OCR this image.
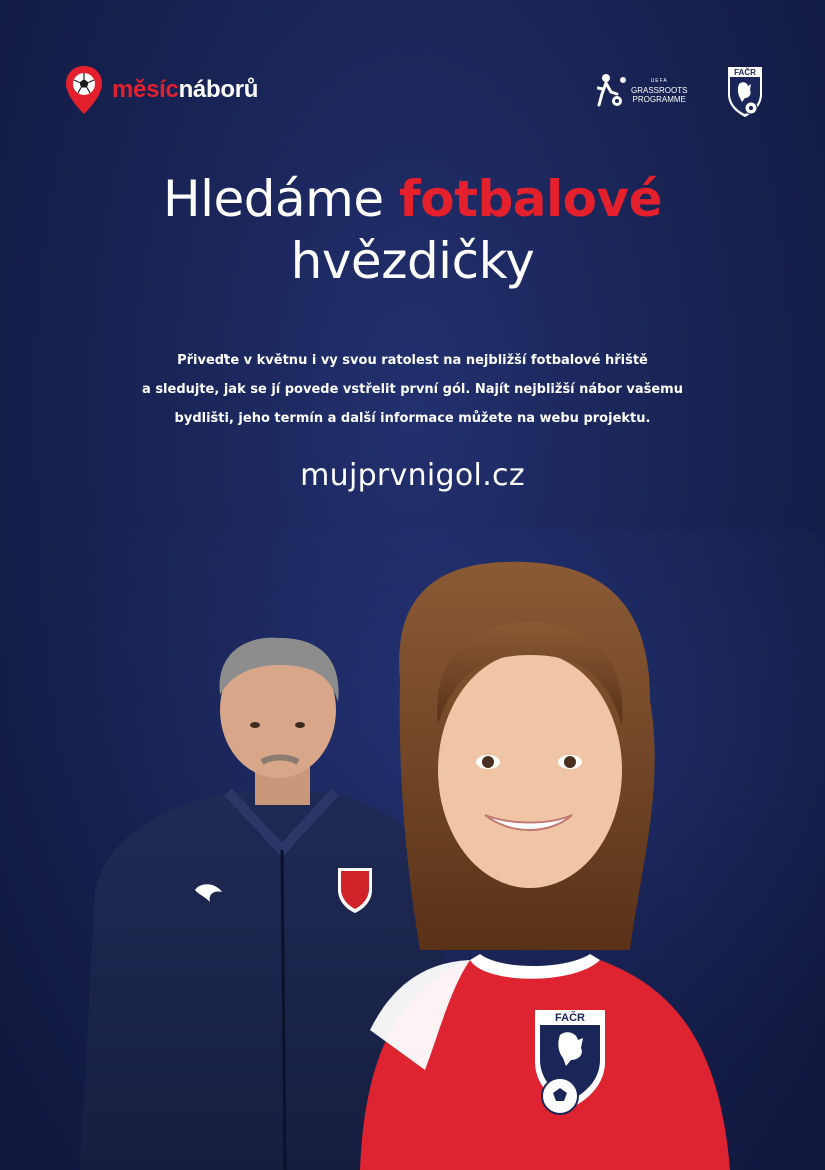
měsícnáborů	UEFA
GRASSROOTS
PROGRAMME
FAČR
Hledáme fotbalové
hvězdičky
Přiveďte v květnu i vy svou ratolest na nejbližší fotbalové hřiště
a sledujte, jak se jí povede vstřelit první gól. Najít nejbližší nábor vašemu
bydlišti, jeho termín a další informace můžete na webu projektu.
mujprvnigol.cz
FAČR
